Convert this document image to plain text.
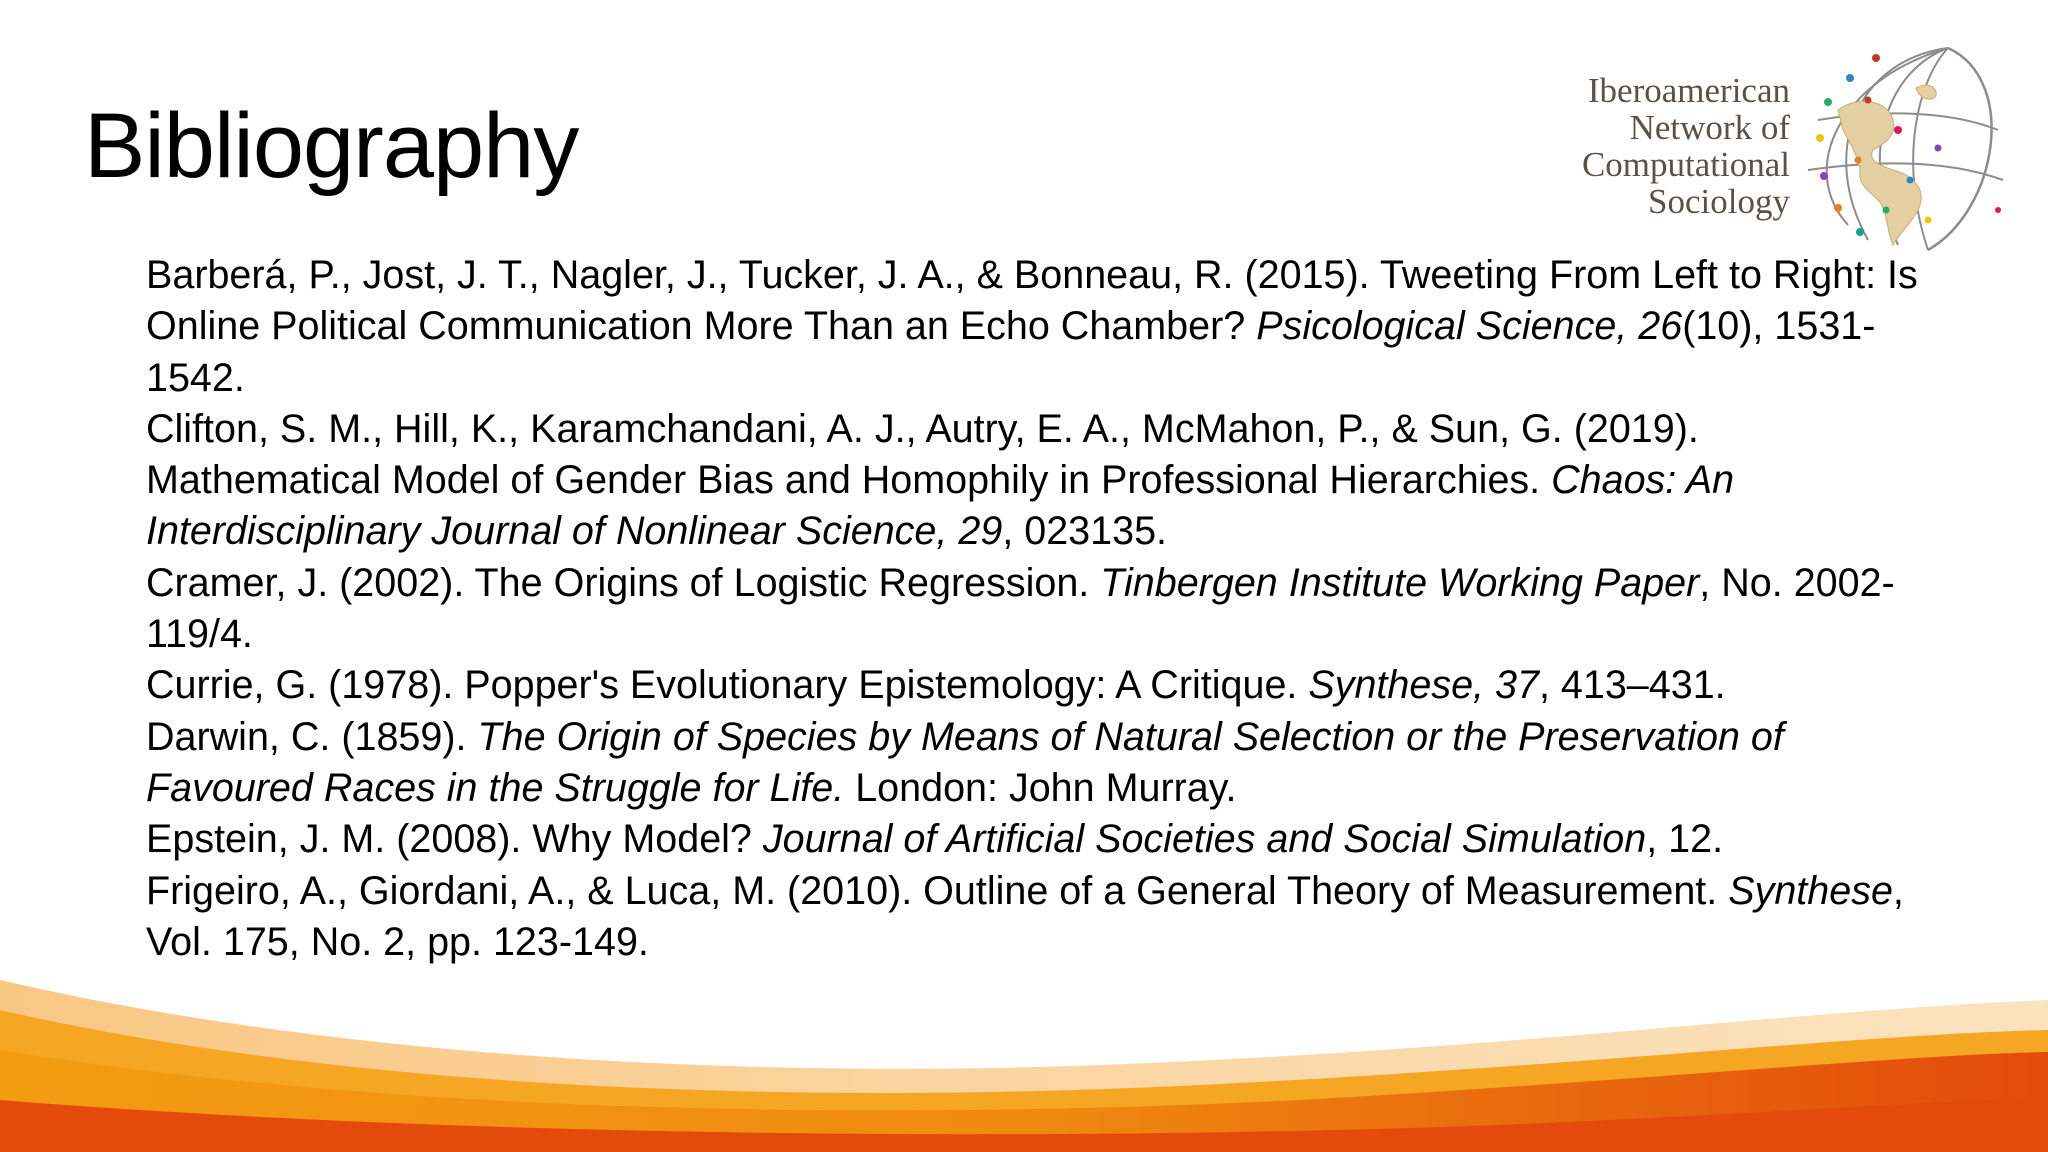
Bibliography
Iberoamerican
Network of
Computational
Sociology

Barberá, P., Jost, J. T., Nagler, J., Tucker, J. A., & Bonneau, R. (2015). Tweeting From Left to Right: Is Online Political Communication More Than an Echo Chamber? Psicological Science, 26(10), 1531-1542.

Clifton, S. M., Hill, K., Karamchandani, A. J., Autry, E. A., McMahon, P., & Sun, G. (2019). Mathematical Model of Gender Bias and Homophily in Professional Hierarchies. Chaos: An Interdisciplinary Journal of Nonlinear Science, 29, 023135.

Cramer, J. (2002). The Origins of Logistic Regression. Tinbergen Institute Working Paper, No. 2002-119/4.

Currie, G. (1978). Popper's Evolutionary Epistemology: A Critique. Synthese, 37, 413–431.

Darwin, C. (1859). The Origin of Species by Means of Natural Selection or the Preservation of Favoured Races in the Struggle for Life. London: John Murray.

Epstein, J. M. (2008). Why Model? Journal of Artificial Societies and Social Simulation, 12.

Frigeiro, A., Giordani, A., & Luca, M. (2010). Outline of a General Theory of Measurement. Synthese, Vol. 175, No. 2, pp. 123-149.
